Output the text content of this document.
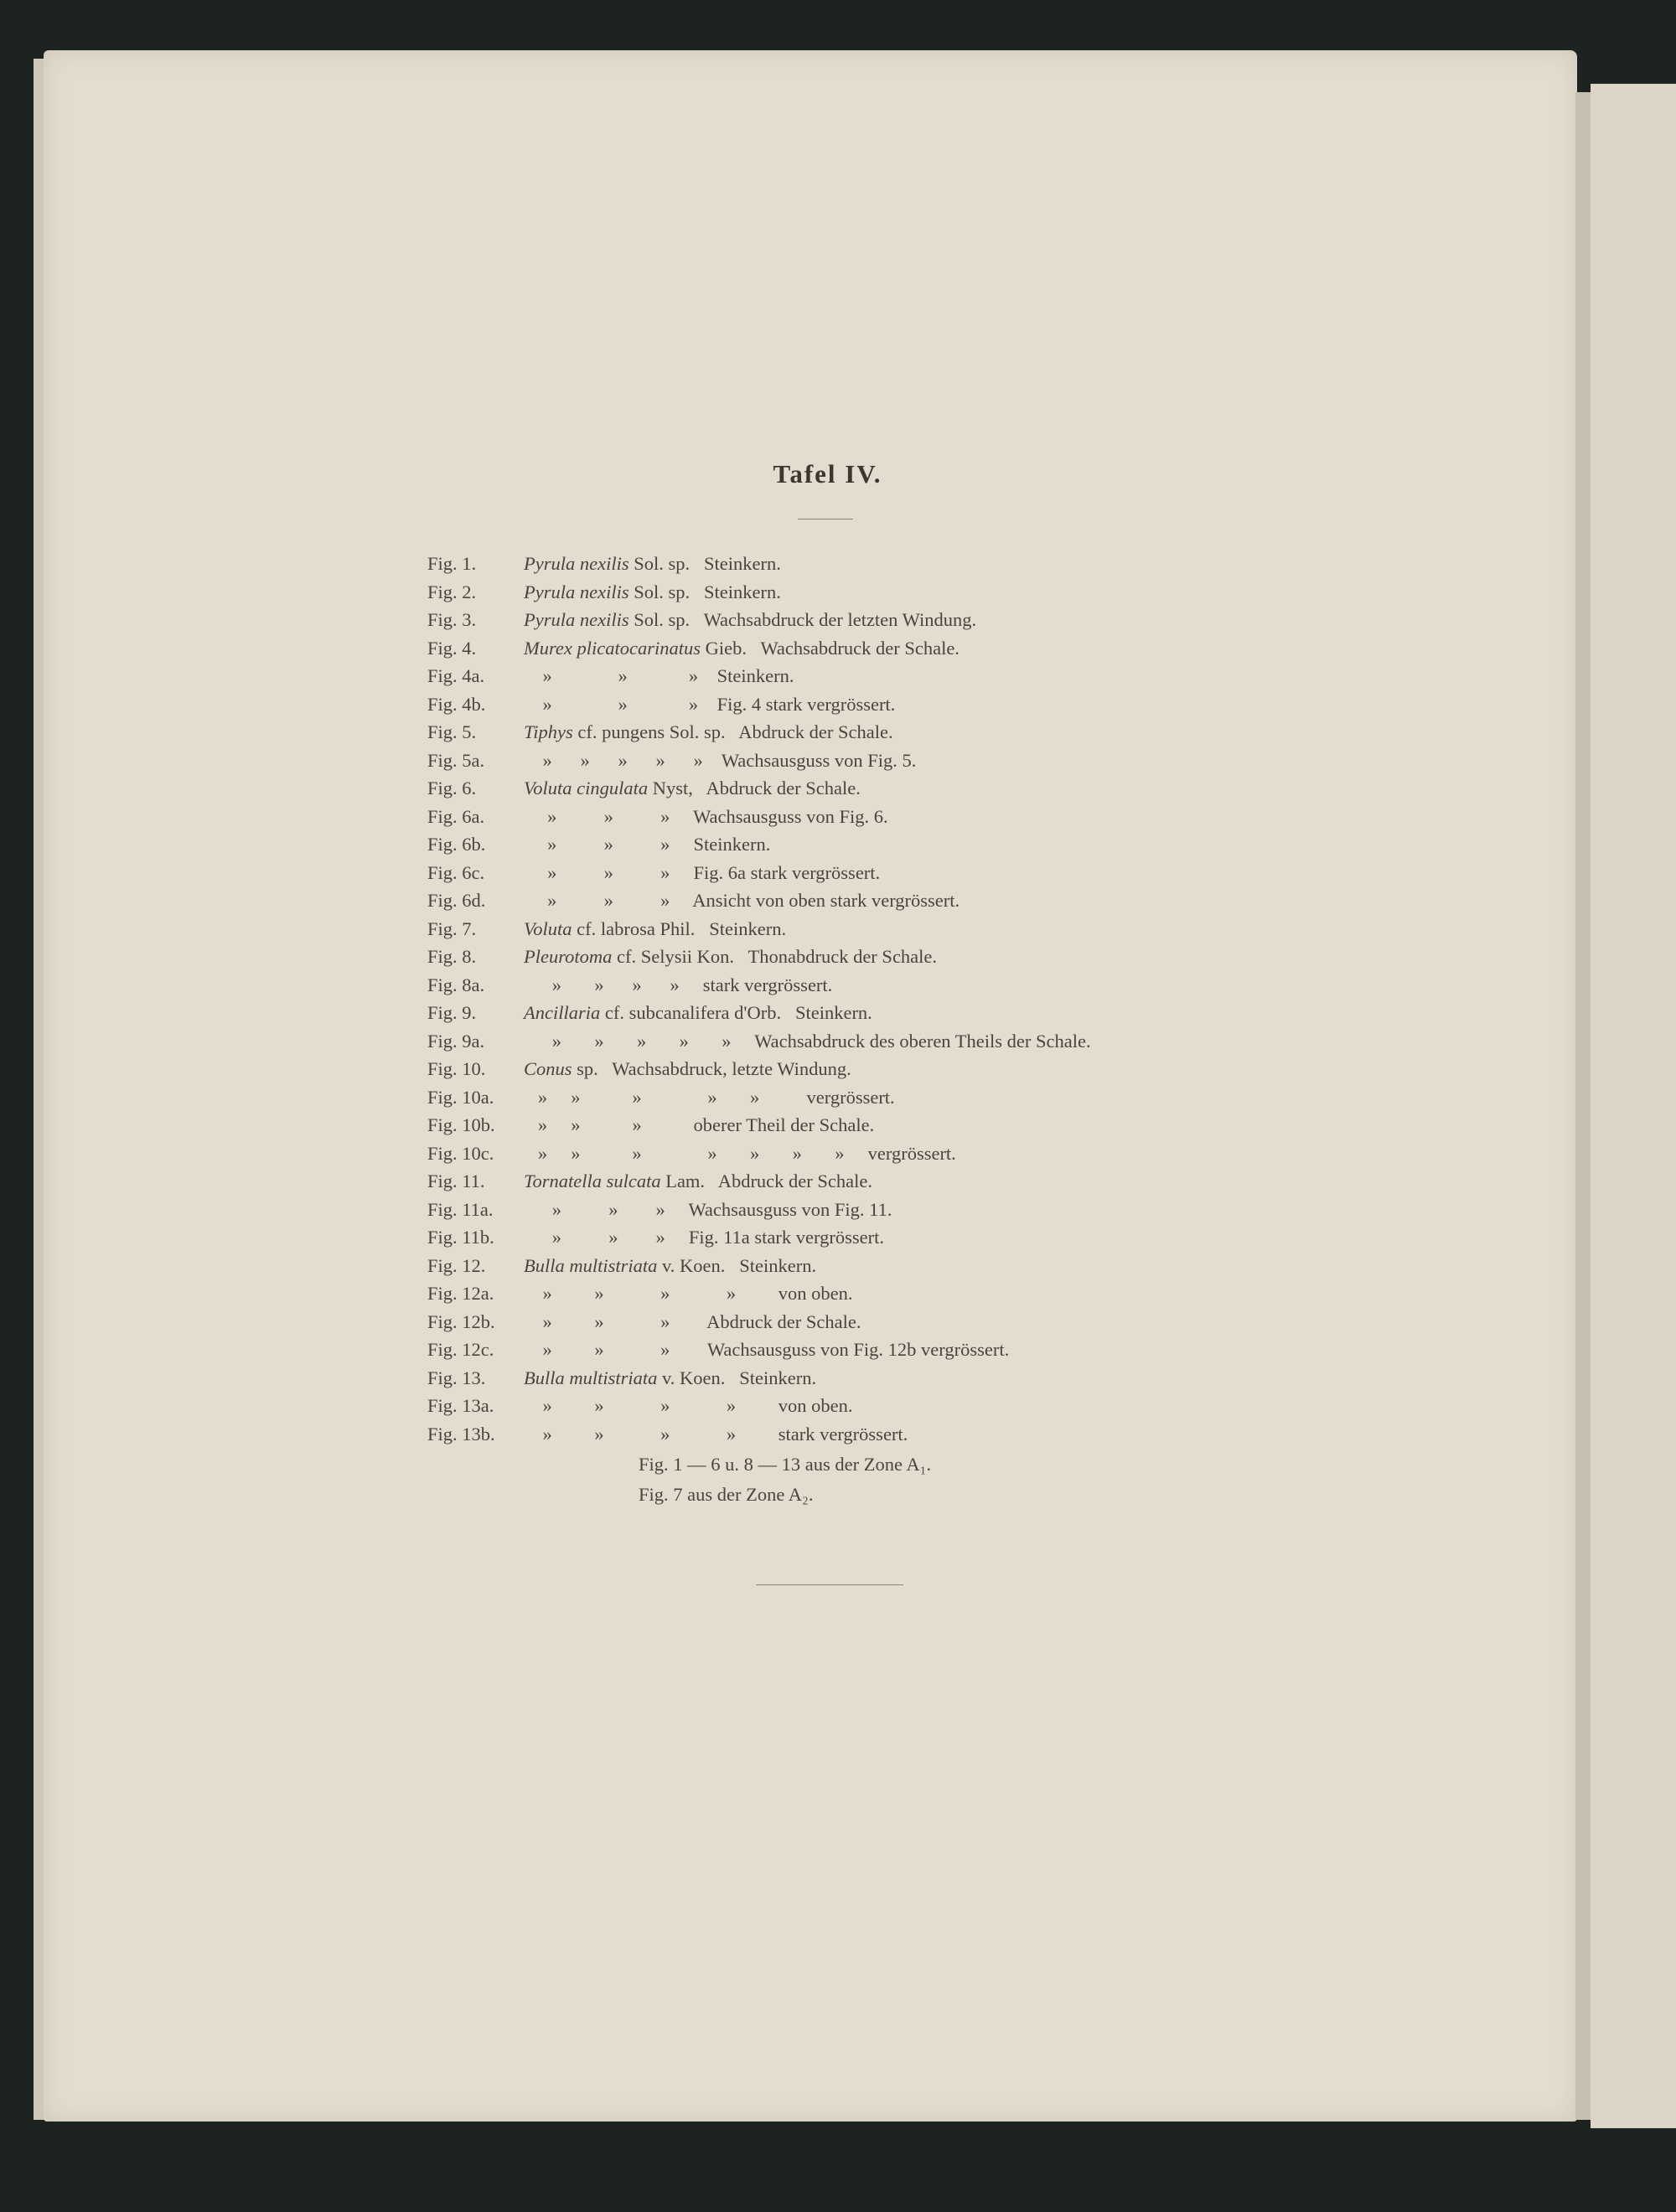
Tafel IV.
Fig. 1.	Pyrula nexilis Sol. sp.   Steinkern.
Fig. 2.	Pyrula nexilis Sol. sp.   Steinkern.
Fig. 3.	Pyrula nexilis Sol. sp.   Wachsabdruck der letzten Windung.
Fig. 4.	Murex plicatocarinatus Gieb.   Wachsabdruck der Schale.
Fig. 4a.    »              »             »    Steinkern.
Fig. 4b.    »              »             »    Fig. 4 stark vergrössert.
Fig. 5.	Tiphys cf. pungens Sol. sp.   Abdruck der Schale.
Fig. 5a.    »      »      »      »      »    Wachsausguss von Fig. 5.
Fig. 6.	Voluta cingulata Nyst,   Abdruck der Schale.
Fig. 6a.     »          »          »     Wachsausguss von Fig. 6.
Fig. 6b.     »          »          »     Steinkern.
Fig. 6c.     »          »          »     Fig. 6a stark vergrössert.
Fig. 6d.     »          »          »     Ansicht von oben stark vergrössert.
Fig. 7.	Voluta cf. labrosa Phil.   Steinkern.
Fig. 8.	Pleurotoma cf. Selysii Kon.   Thonabdruck der Schale.
Fig. 8a.      »       »      »      »     stark vergrössert.
Fig. 9.	Ancillaria cf. subcanalifera d'Orb.   Steinkern.
Fig. 9a.      »       »       »       »       »     Wachsabdruck des oberen Theils der Schale.
Fig. 10. Conus sp.   Wachsabdruck, letzte Windung.
Fig. 10a.   »     »           »              »       »          vergrössert.
Fig. 10b.   »     »           »           oberer Theil der Schale.
Fig. 10c.   »     »           »              »       »       »       »     vergrössert.
Fig. 11. Tornatella sulcata Lam.   Abdruck der Schale.
Fig. 11a.      »          »        »     Wachsausguss von Fig. 11.
Fig. 11b.      »          »        »     Fig. 11a stark vergrössert.
Fig. 12. Bulla multistriata v. Koen.   Steinkern.
Fig. 12a.    »         »            »            »         von oben.
Fig. 12b.    »         »            »        Abdruck der Schale.
Fig. 12c.    »         »            »        Wachsausguss von Fig. 12b vergrössert.
Fig. 13. Bulla multistriata v. Koen.   Steinkern.
Fig. 13a.    »         »            »            »         von oben.
Fig. 13b.    »         »            »            »         stark vergrössert.
Fig. 1 — 6 u. 8 — 13 aus der Zone A₁.
Fig. 7 aus der Zone A₂.
